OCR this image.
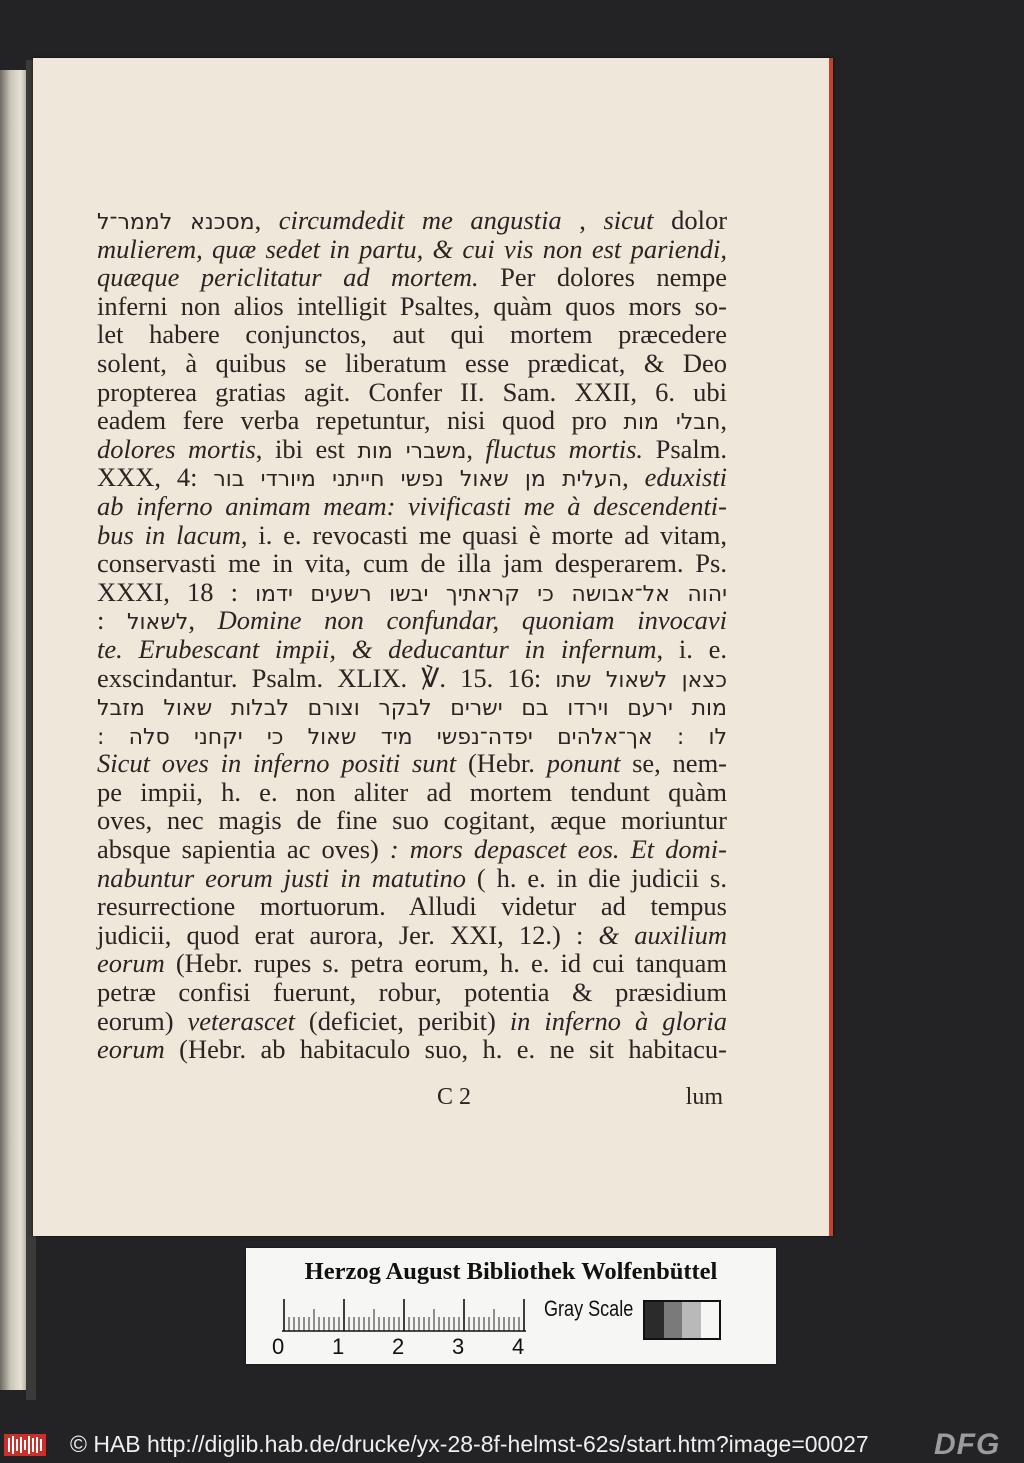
מסכנא לממר־ל, circumdedit me angustia , sicut dolor
mulierem, quæ sedet in partu, & cui vis non est pariendi,
quæque periclitatur ad mortem. Per dolores nempe
inferni non alios intelligit Psaltes, quàm quos mors so-
let habere conjunctos, aut qui mortem præcedere
solent, à quibus se liberatum esse prædicat, & Deo
propterea gratias agit. Confer II. Sam. XXII, 6. ubi
eadem fere verba repetuntur, nisi quod pro חבלי מות,
dolores mortis, ibi est משברי מות, fluctus mortis. Psalm.
XXX, 4: העלית מן שאול נפשי חייתני מיורדי בור, eduxisti
ab inferno animam meam: vivificasti me à descendenti-
bus in lacum, i. e. revocasti me quasi è morte ad vitam,
conservasti me in vita, cum de illa jam desperarem. Ps.
XXXI, 18 : יהוה אל־אבושה כי קראתיך יבשו רשעים ידמו
: לשאול, Domine non confundar, quoniam invocavi
te. Erubescant impii, & deducantur in infernum, i. e.
exscindantur. Psalm. XLIX. ℣. 15. 16: כצאן לשאול שתו
מות ירעם וירדו בם ישרים לבקר וצורם לבלות שאול מזבל
לו : אך־אלהים יפדה־נפשי מיד שאול כי יקחני סלה :
Sicut oves in inferno positi sunt (Hebr. ponunt se, nem-
pe impii, h. e. non aliter ad mortem tendunt quàm
oves, nec magis de fine suo cogitant, æque moriuntur
absque sapientia ac oves) : mors depascet eos. Et domi-
nabuntur eorum justi in matutino ( h. e. in die judicii s.
resurrectione mortuorum. Alludi videtur ad tempus
judicii, quod erat aurora, Jer. XXI, 12.) : & auxilium
eorum (Hebr. rupes s. petra eorum, h. e. id cui tanquam
petræ confisi fuerunt, robur, potentia & præsidium
eorum) veterascet (deficiet, peribit) in inferno à gloria
eorum (Hebr. ab habitaculo suo, h. e. ne sit habitacu-
C 2	lum
Herzog August Bibliothek Wolfenbüttel
0 1 2 3 4
Gray Scale
© HAB http://diglib.hab.de/drucke/yx-28-8f-helmst-62s/start.htm?image=00027 DFG
